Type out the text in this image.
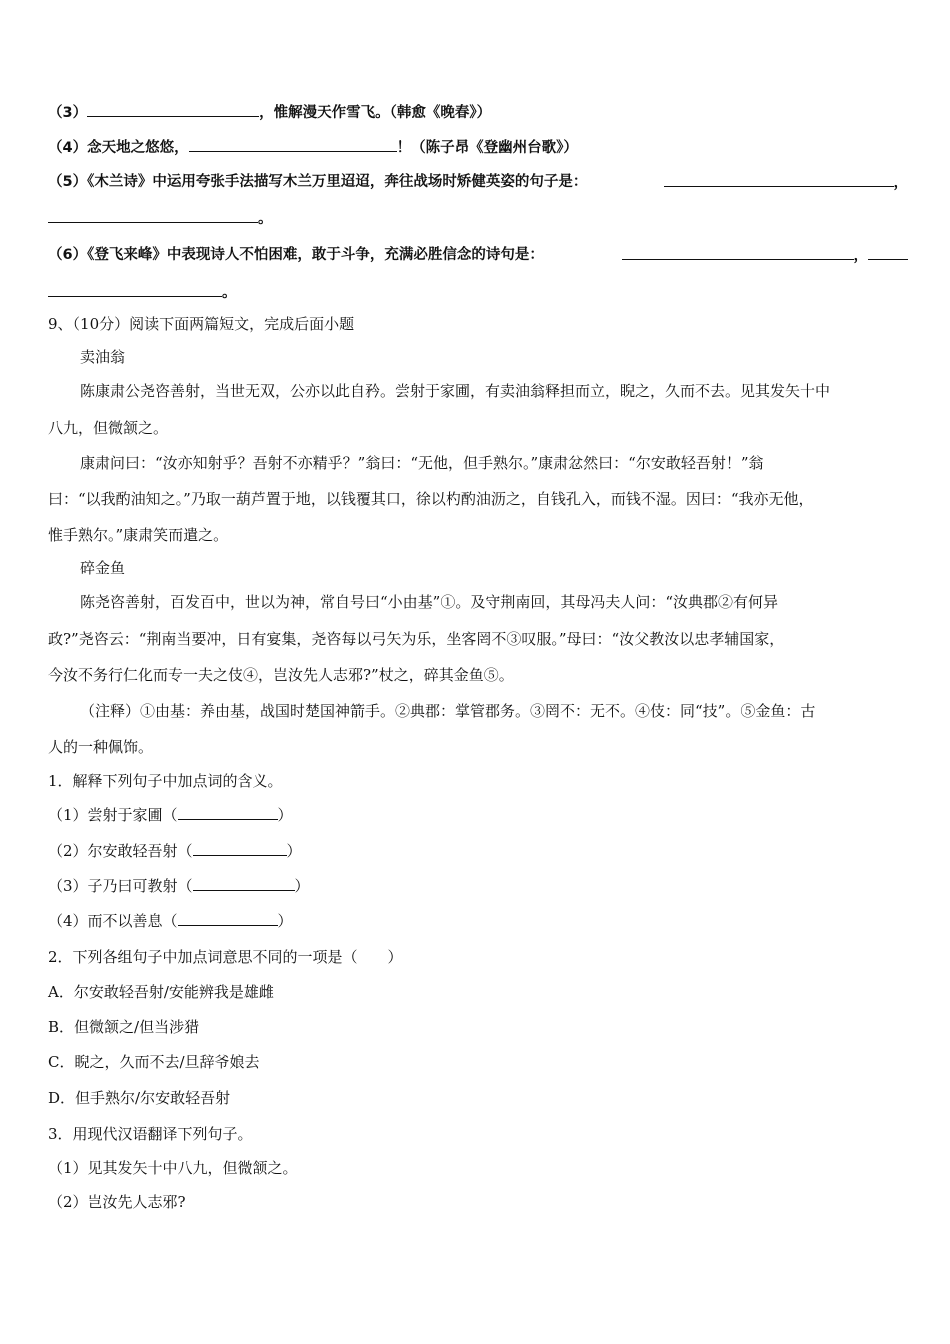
（3）	，惟解漫天作雪飞。（韩愈《晚春》）
（4）念天地之悠悠，	！（陈子昂《登幽州台歌》）
（5）《木兰诗》中运用夸张手法描写木兰万里迢迢，奔往战场时矫健英姿的句子是：	，
。
（6）《登飞来峰》中表现诗人不怕困难，敢于斗争，充满必胜信念的诗句是：	，
。
9、（10分）阅读下面两篇短文，完成后面小题
卖油翁
陈康肃公尧咨善射，当世无双，公亦以此自矜。尝射于家圃，有卖油翁释担而立，睨之，久而不去。见其发矢十中
八九，但微颔之。
康肃问曰：“汝亦知射乎？吾射不亦精乎？”翁曰：“无他，但手熟尔。”康肃忿然曰：“尔安敢轻吾射！”翁
曰：“以我酌油知之。”乃取一葫芦置于地，以钱覆其口，徐以杓酌油沥之，自钱孔入，而钱不湿。因曰：“我亦无他，
惟手熟尔。”康肃笑而遣之。
碎金鱼
陈尧咨善射，百发百中，世以为神，常自号曰“小由基”①。及守荆南回，其母冯夫人问：“汝典郡②有何异
政?”尧咨云：“荆南当要冲，日有宴集，尧咨每以弓矢为乐，坐客罔不③叹服。”母曰：“汝父教汝以忠孝辅国家，
今汝不务行仁化而专一夫之伎④，岂汝先人志邪?”杖之，碎其金鱼⑤。
（注释）①由基：养由基，战国时楚国神箭手。②典郡：掌管郡务。③罔不：无不。④伎：同“技”。⑤金鱼：古
人的一种佩饰。
1．解释下列句子中加点词的含义。
（1）尝射于家圃（	）
（2）尔安敢轻吾射（	）
（3）子乃曰可教射（	）
（4）而不以善息（	）
2．下列各组句子中加点词意思不同的一项是（　　）
A．尔安敢轻吾射/安能辨我是雄雌
B．但微颔之/但当涉猎
C．睨之，久而不去/旦辞爷娘去
D．但手熟尔/尔安敢轻吾射
3．用现代汉语翻译下列句子。
（1）见其发矢十中八九，但微颔之。
（2）岂汝先人志邪?
